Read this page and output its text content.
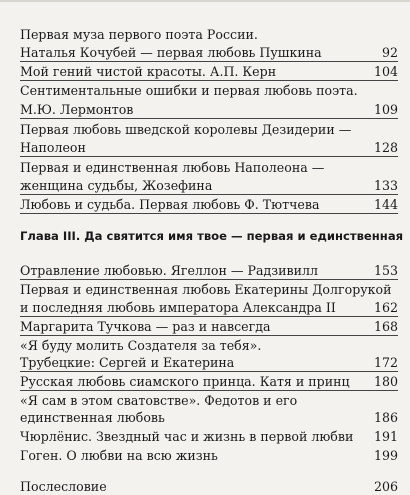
Первая муза первого поэта России.
Наталья Кочубей — первая любовь Пушкина	92
Мой гений чистой красоты. А.П. Керн	104
Сентиментальные ошибки и первая любовь поэта.
М.Ю. Лермонтов	109
Первая любовь шведской королевы Дезидерии —
Наполеон	128
Первая и единственная любовь Наполеона —
женщина судьбы, Жозефина	133
Любовь и судьба. Первая любовь Ф. Тютчева	144
Глава III. Да святится имя твое — первая и единственная
Отравление любовью. Ягеллон — Радзивилл	153
Первая и единственная любовь Екатерины Долгорукой
и последняя любовь императора Александра II	162
Маргарита Тучкова — раз и навсегда	168
«Я буду молить Создателя за тебя».
Трубецкие: Сергей и Екатерина	172
Русская любовь сиамского принца. Катя и принц 180
«Я сам в этом сватовстве». Федотов и его
единственная любовь	186
Чюрлёнис. Звездный час и жизнь в первой любви 191
Гоген. О любви на всю жизнь	199
Послесловие	206
